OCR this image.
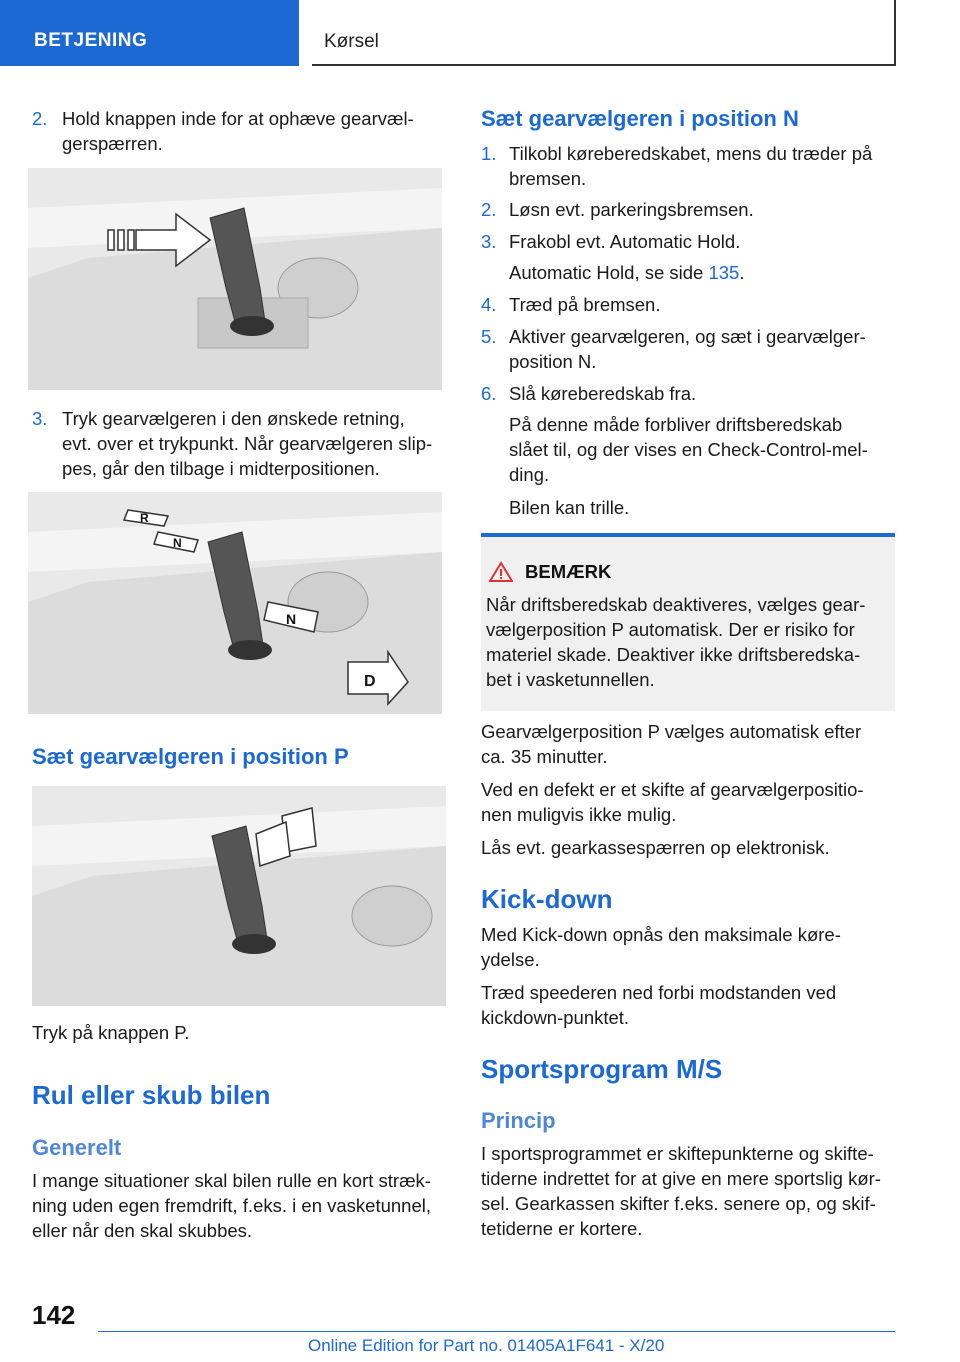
BETJENING	Kørsel
2. Hold knappen inde for at ophæve gearvæl-
gerspærren.
3. Tryk gearvælgeren i den ønskede retning,
evt. over et trykpunkt. Når gearvælgeren slip-
pes, går den tilbage i midterpositionen.
R
N
N
D
Sæt gearvælgeren i position P
Tryk på knappen P.
Rul eller skub bilen
Generelt
I mange situationer skal bilen rulle en kort stræk-
ning uden egen fremdrift, f.eks. i en vasketunnel,
eller når den skal skubbes.
Sæt gearvælgeren i position N
1. Tilkobl køreberedskabet, mens du træder på
bremsen.
2. Løsn evt. parkeringsbremsen.
3. Frakobl evt. Automatic Hold.
Automatic Hold, se side 135.
4. Træd på bremsen.
5. Aktiver gearvælgeren, og sæt i gearvælger-
position N.
6. Slå køreberedskab fra.
På denne måde forbliver driftsberedskab
slået til, og der vises en Check-Control-mel-
ding.
Bilen kan trille.
BEMÆRK
Når driftsberedskab deaktiveres, vælges gear-
vælgerposition P automatisk. Der er risiko for
materiel skade. Deaktiver ikke driftsberedska-
bet i vasketunnellen.
Gearvælgerposition P vælges automatisk efter
ca. 35 minutter.
Ved en defekt er et skifte af gearvælgerpositio-
nen muligvis ikke mulig.
Lås evt. gearkassespærren op elektronisk.
Kick-down
Med Kick-down opnås den maksimale køre-
ydelse.
Træd speederen ned forbi modstanden ved
kickdown-punktet.
Sportsprogram M/S
Princip
I sportsprogrammet er skiftepunkterne og skifte-
tiderne indrettet for at give en mere sportslig kør-
sel. Gearkassen skifter f.eks. senere op, og skif-
tetiderne er kortere.
142
Online Edition for Part no. 01405A1F641 - X/20
